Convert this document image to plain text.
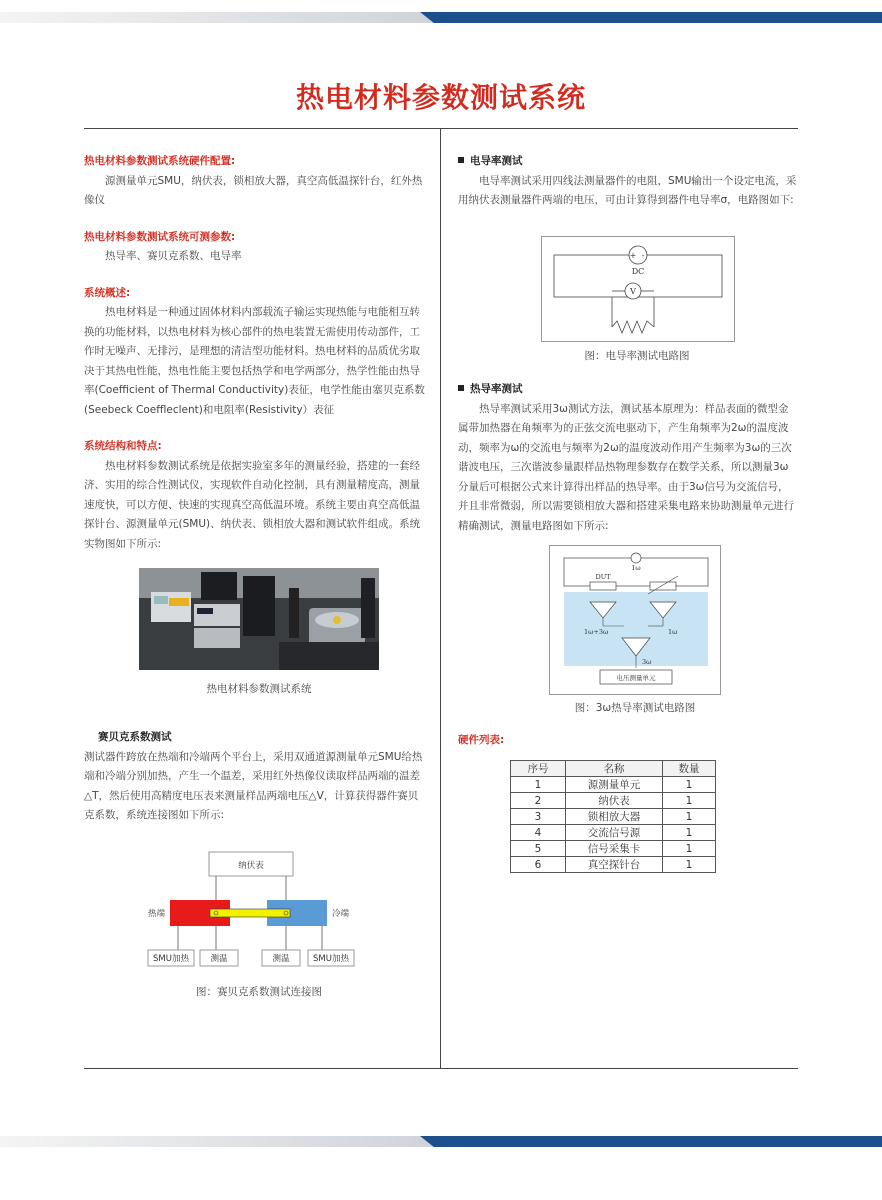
热电材料参数测试系统

热电材料参数测试系统硬件配置:

源测量单元SMU，纳伏表，锁相放大器，真空高低温探针台，红外热像仪

热电材料参数测试系统可测参数:

热导率、赛贝克系数、电导率

系统概述:

热电材料是一种通过固体材料内部载流子输运实现热能与电能相互转换的功能材料，以热电材料为核心部件的热电装置无需使用传动部件，工作时无噪声、无排污，是理想的清洁型功能材料。热电材料的品质优劣取决于其热电性能，热电性能主要包括热学和电学两部分，热学性能由热导率(Coefficient of Thermal Conductivity)表征，电学性能由塞贝克系数(Seebeck Coeffleclent)和电阻率(Resistivity）表征

系统结构和特点:

热电材料参数测试系统是依据实验室多年的测量经验，搭建的一套经济、实用的综合性测试仪，实现软件自动化控制，具有测量精度高，测量速度快，可以方便、快速的实现真空高低温环境。系统主要由真空高低温探针台、源测量单元(SMU)、纳伏表、锁相放大器和测试软件组成。系统实物图如下所示:

热电材料参数测试系统

赛贝克系数测试

测试器件跨放在热端和冷端两个平台上，采用双通道源测量单元SMU给热端和冷端分别加热，产生一个温差，采用红外热像仪读取样品两端的温差△T，然后使用高精度电压表来测量样品两端电压△V，计算获得器件赛贝克系数，系统连接图如下所示:

纳伏表
热端	冷端
SMU加热	测温	测温	SMU加热
图：赛贝克系数测试连接图

电导率测试

电导率测试采用四线法测量器件的电阻，SMU输出一个设定电流，采用纳伏表测量器件两端的电压，可由计算得到器件电导率σ，电路图如下:

+ -
DC
V
图：电导率测试电路图

热导率测试

热导率测试采用3ω测试方法，测试基本原理为：样品表面的微型金属带加热器在角频率为的正弦交流电驱动下，产生角频率为2ω的温度波动，频率为ω的交流电与频率为2ω的温度波动作用产生频率为3ω的三次谐波电压，三次谐波参量跟样品热物理参数存在数学关系，所以测量3ω分量后可根据公式来计算得出样品的热导率。由于3ω信号为交流信号，并且非常微弱，所以需要锁相放大器和搭建采集电路来协助测量单元进行精确测试，测量电路图如下所示:

1ω
DUT
1ω+3ω	1ω
3ω
电压测量单元
图：3ω热导率测试电路图
硬件列表:
序号	名称	数量
1	源测量单元	1
2	纳伏表	1
3	锁相放大器	1
4	交流信号源	1
5	信号采集卡	1
6	真空探针台	1
